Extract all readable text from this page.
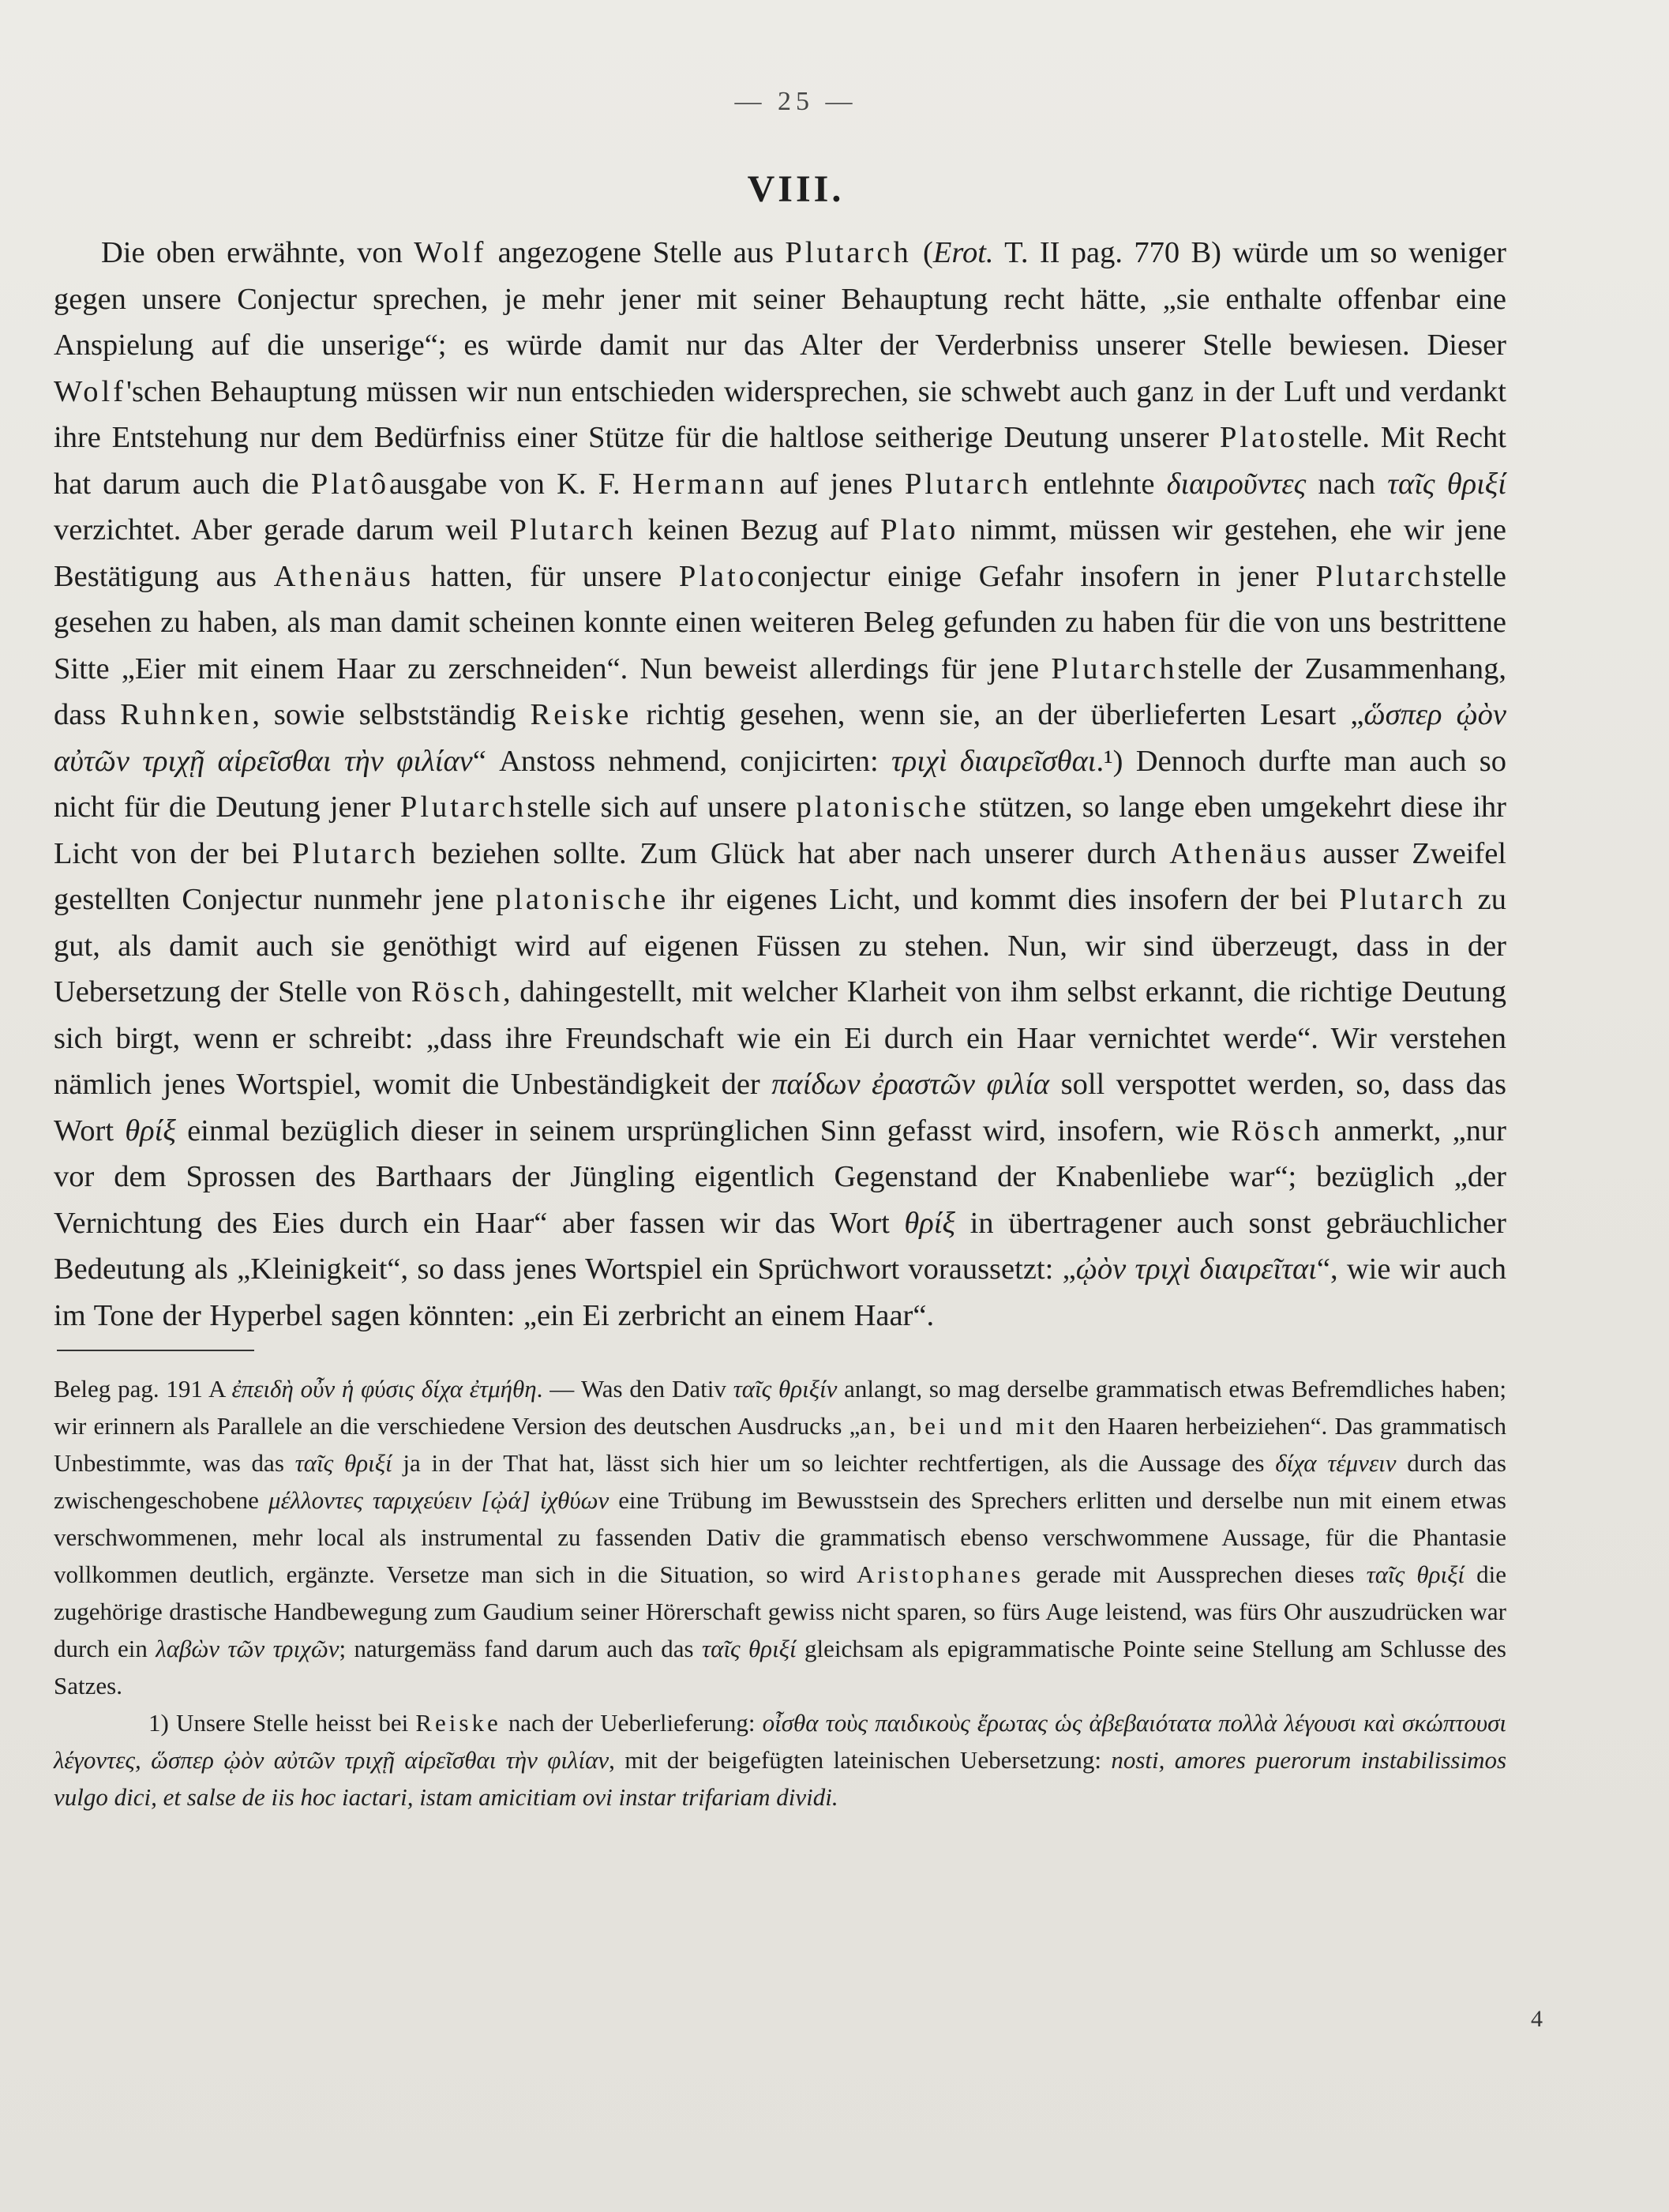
— 25 —
VIII.

Die oben erwähnte, von Wolf angezogene Stelle aus Plutarch (Erot. T. II pag. 770 B) würde um so weniger gegen unsere Conjectur sprechen, je mehr jener mit seiner Behauptung recht hätte, „sie enthalte offenbar eine Anspielung auf die unserige“; es würde damit nur das Alter der Verderbniss unserer Stelle bewiesen. Dieser Wolf'schen Behauptung müssen wir nun entschieden widersprechen, sie schwebt auch ganz in der Luft und verdankt ihre Entstehung nur dem Bedürfniss einer Stütze für die haltlose seitherige Deutung unserer Platostelle. Mit Recht hat darum auch die Platôausgabe von K. F. Hermann auf jenes Plutarch entlehnte διαιροῦντες nach ταῖς θριξί verzichtet. Aber gerade darum weil Plutarch keinen Bezug auf Plato nimmt, müssen wir gestehen, ehe wir jene Bestätigung aus Athenäus hatten, für unsere Platoconjectur einige Gefahr insofern in jener Plutarchstelle gesehen zu haben, als man damit scheinen konnte einen weiteren Beleg gefunden zu haben für die von uns bestrittene Sitte „Eier mit einem Haar zu zerschneiden“. Nun beweist allerdings für jene Plutarchstelle der Zusammenhang, dass Ruhnken, sowie selbstständig Reiske richtig gesehen, wenn sie, an der überlieferten Lesart „ὥσπερ ᾠὸν αὐτῶν τριχῇ αἱρεῖσθαι τὴν φιλίαν“ Anstoss nehmend, conjicirten: τριχὶ διαιρεῖσθαι.¹) Dennoch durfte man auch so nicht für die Deutung jener Plutarchstelle sich auf unsere platonische stützen, so lange eben umgekehrt diese ihr Licht von der bei Plutarch beziehen sollte. Zum Glück hat aber nach unserer durch Athenäus ausser Zweifel gestellten Conjectur nunmehr jene platonische ihr eigenes Licht, und kommt dies insofern der bei Plutarch zu gut, als damit auch sie genöthigt wird auf eigenen Füssen zu stehen. Nun, wir sind überzeugt, dass in der Uebersetzung der Stelle von Rösch, dahingestellt, mit welcher Klarheit von ihm selbst erkannt, die richtige Deutung sich birgt, wenn er schreibt: „dass ihre Freundschaft wie ein Ei durch ein Haar vernichtet werde“. Wir verstehen nämlich jenes Wortspiel, womit die Unbeständigkeit der παίδων ἐραστῶν φιλία soll verspottet werden, so, dass das Wort θρίξ einmal bezüglich dieser in seinem ursprünglichen Sinn gefasst wird, insofern, wie Rösch anmerkt, „nur vor dem Sprossen des Barthaars der Jüngling eigentlich Gegenstand der Knabenliebe war“; bezüglich „der Vernichtung des Eies durch ein Haar“ aber fassen wir das Wort θρίξ in übertragener auch sonst gebräuchlicher Bedeutung als „Kleinigkeit“, so dass jenes Wortspiel ein Sprüchwort voraussetzt: „ᾠὸν τριχὶ διαιρεῖται“, wie wir auch im Tone der Hyperbel sagen könnten: „ein Ei zerbricht an einem Haar“.

Beleg pag. 191 A ἐπειδὴ οὖν ἡ φύσις δίχα ἐτμήθη. — Was den Dativ ταῖς θριξίν anlangt, so mag derselbe grammatisch etwas Befremdliches haben; wir erinnern als Parallele an die verschiedene Version des deutschen Ausdrucks „an, bei und mit den Haaren herbeiziehen“. Das grammatisch Unbestimmte, was das ταῖς θριξί ja in der That hat, lässt sich hier um so leichter rechtfertigen, als die Aussage des δίχα τέμνειν durch das zwischengeschobene μέλλοντες ταριχεύειν [ᾠά] ἰχθύων eine Trübung im Bewusstsein des Sprechers erlitten und derselbe nun mit einem etwas verschwommenen, mehr local als instrumental zu fassenden Dativ die grammatisch ebenso verschwommene Aussage, für die Phantasie vollkommen deutlich, ergänzte. Versetze man sich in die Situation, so wird Aristophanes gerade mit Aussprechen dieses ταῖς θριξί die zugehörige drastische Handbewegung zum Gaudium seiner Hörerschaft gewiss nicht sparen, so fürs Auge leistend, was fürs Ohr auszudrücken war durch ein λαβὼν τῶν τριχῶν; naturgemäss fand darum auch das ταῖς θριξί gleichsam als epigrammatische Pointe seine Stellung am Schlusse des Satzes.

1) Unsere Stelle heisst bei Reiske nach der Ueberlieferung: οἶσθα τοὺς παιδικοὺς ἔρωτας ὡς ἀβεβαιότατα πολλὰ λέγουσι καὶ σκώπτουσι λέγοντες, ὥσπερ ᾠὸν αὐτῶν τριχῇ αἱρεῖσθαι τὴν φιλίαν, mit der beigefügten lateinischen Uebersetzung: nosti, amores puerorum instabilissimos vulgo dici, et salse de iis hoc iactari, istam amicitiam ovi instar trifariam dividi.

4
